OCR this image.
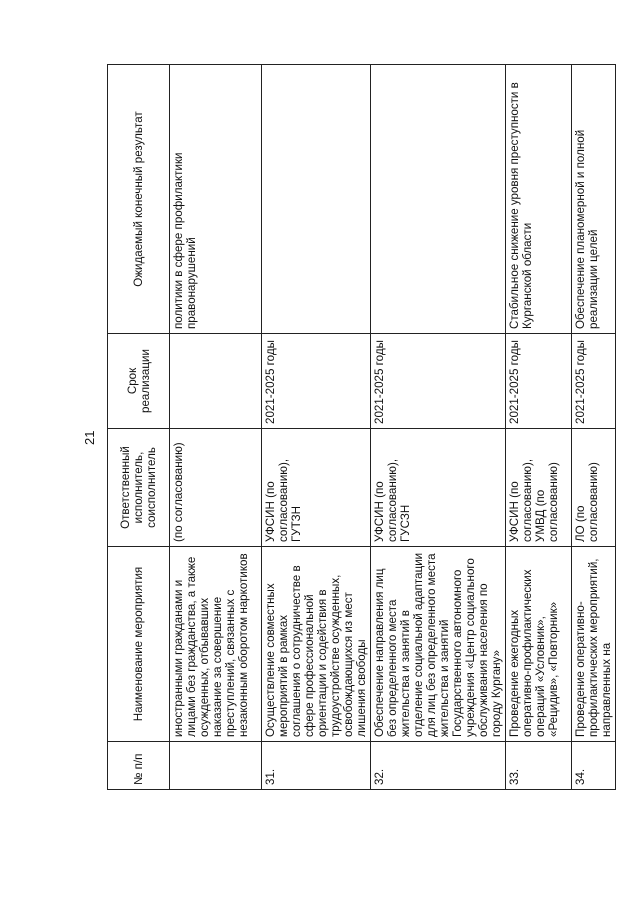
21
№ п/п	Наименование мероприятия	Ответственный исполнитель, соисполнитель	Срок реализации	Ожидаемый конечный результат
	иностранными гражданами и лицами без гражданства, а также осужденных, отбывавших наказание за совершение преступлений, связанных с незаконным оборотом наркотиков	(по согласованию)		политики в сфере профилактики правонарушений
31.	Осуществление совместных мероприятий в рамках соглашения о сотрудничестве в сфере профессиональной ориентации и содействия в трудоустройстве осужденных, освобождающихся из мест лишения свободы	УФСИН (по согласованию), ГУТЗН	2021-2025 годы	
32.	Обеспечение направления лиц без определенного места жительства и занятий в отделение социальной адаптации для лиц без определенного места жительства и занятий Государственного автономного учреждения «Центр социального обслуживания населения по городу Кургану»	УФСИН (по согласованию), ГУСЗН	2021-2025 годы	
33.	Проведение ежегодных оперативно-профилактических операций «Условник», «Рецидив», «Повторник»	УФСИН (по согласованию), УМВД (по согласованию)	2021-2025 годы	Стабильное снижение уровня преступности в Курганской области
34.	Проведение оперативно-профилактических мероприятий, направленных на	ЛО (по согласованию)	2021-2025 годы	Обеспечение планомерной и полной реализации целей
